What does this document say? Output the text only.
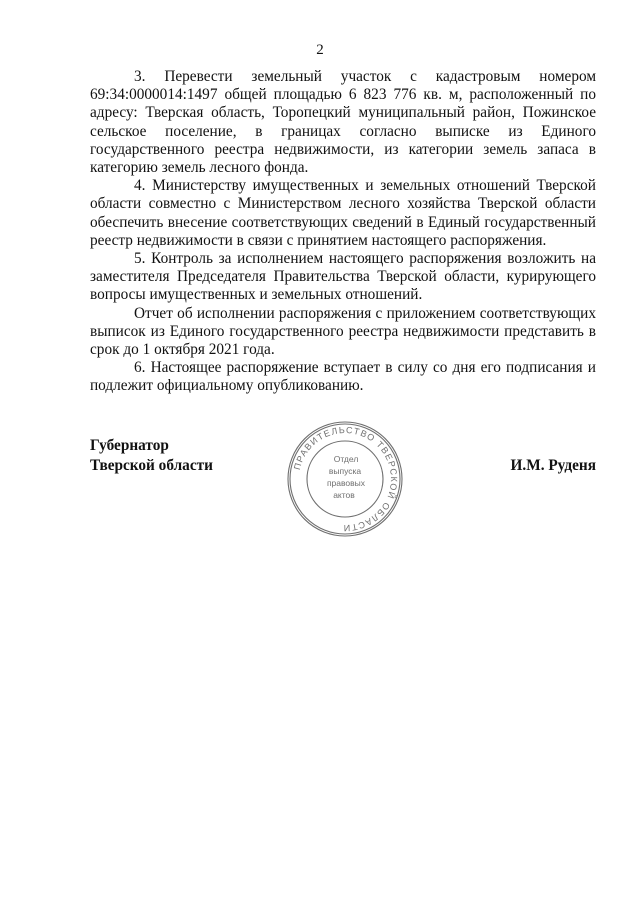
2

3. Перевести земельный участок с кадастровым номером 69:34:0000014:1497 общей площадью 6 823 776 кв. м, расположенный по адресу: Тверская область, Торопецкий муниципальный район, Пожинское сельское поселение, в границах согласно выписке из Единого государственного реестра недвижимости, из категории земель запаса в категорию земель лесного фонда.

4. Министерству имущественных и земельных отношений Тверской области совместно с Министерством лесного хозяйства Тверской области обеспечить внесение соответствующих сведений в Единый государственный реестр недвижимости в связи с принятием настоящего распоряжения.

5. Контроль за исполнением настоящего распоряжения возложить на заместителя Председателя Правительства Тверской области, курирующего вопросы имущественных и земельных отношений.

Отчет об исполнении распоряжения с приложением соответствующих выписок из Единого государственного реестра недвижимости представить в срок до 1 октября 2021 года.

6. Настоящее распоряжение вступает в силу со дня его подписания и подлежит официальному опубликованию.

Губернатор
Тверской области	ПРАВИТЕЛЬСТВО ТВЕРСКОЙ ОБЛАСТИ
Отдел
выпуска
правовых
актов
И.М. Руденя
